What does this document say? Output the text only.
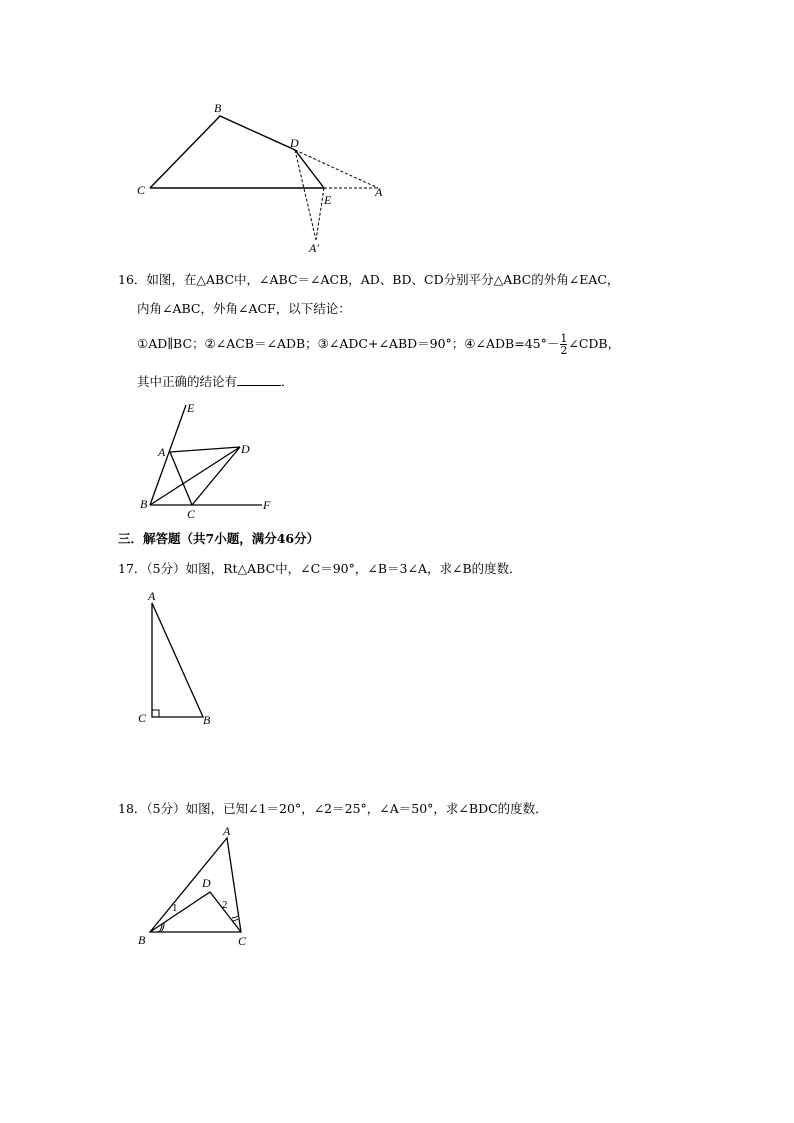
B
C
D
A
E
A′
16．如图，在△ABC中，∠ABC＝∠ACB，AD、BD、CD分别平分△ABC的外角∠EAC，
内角∠ABC，外角∠ACF，以下结论：
①AD∥BC；②∠ACB＝∠ADB；③∠ADC+∠ABD＝90°；④∠ADB=45°－ $\frac{1}{2}$ ∠CDB，
其中正确的结论有	．
E
A	D
B
C
F
三．解答题（共7小题，满分46分）
17．（5分）如图，Rt△ABC中，∠C＝90°，∠B＝3∠A，求∠B的度数．
A
C	B
18．（5分）如图，已知∠1＝20°，∠2＝25°，∠A＝50°，求∠BDC的度数．
A
D
B	C
1	2
